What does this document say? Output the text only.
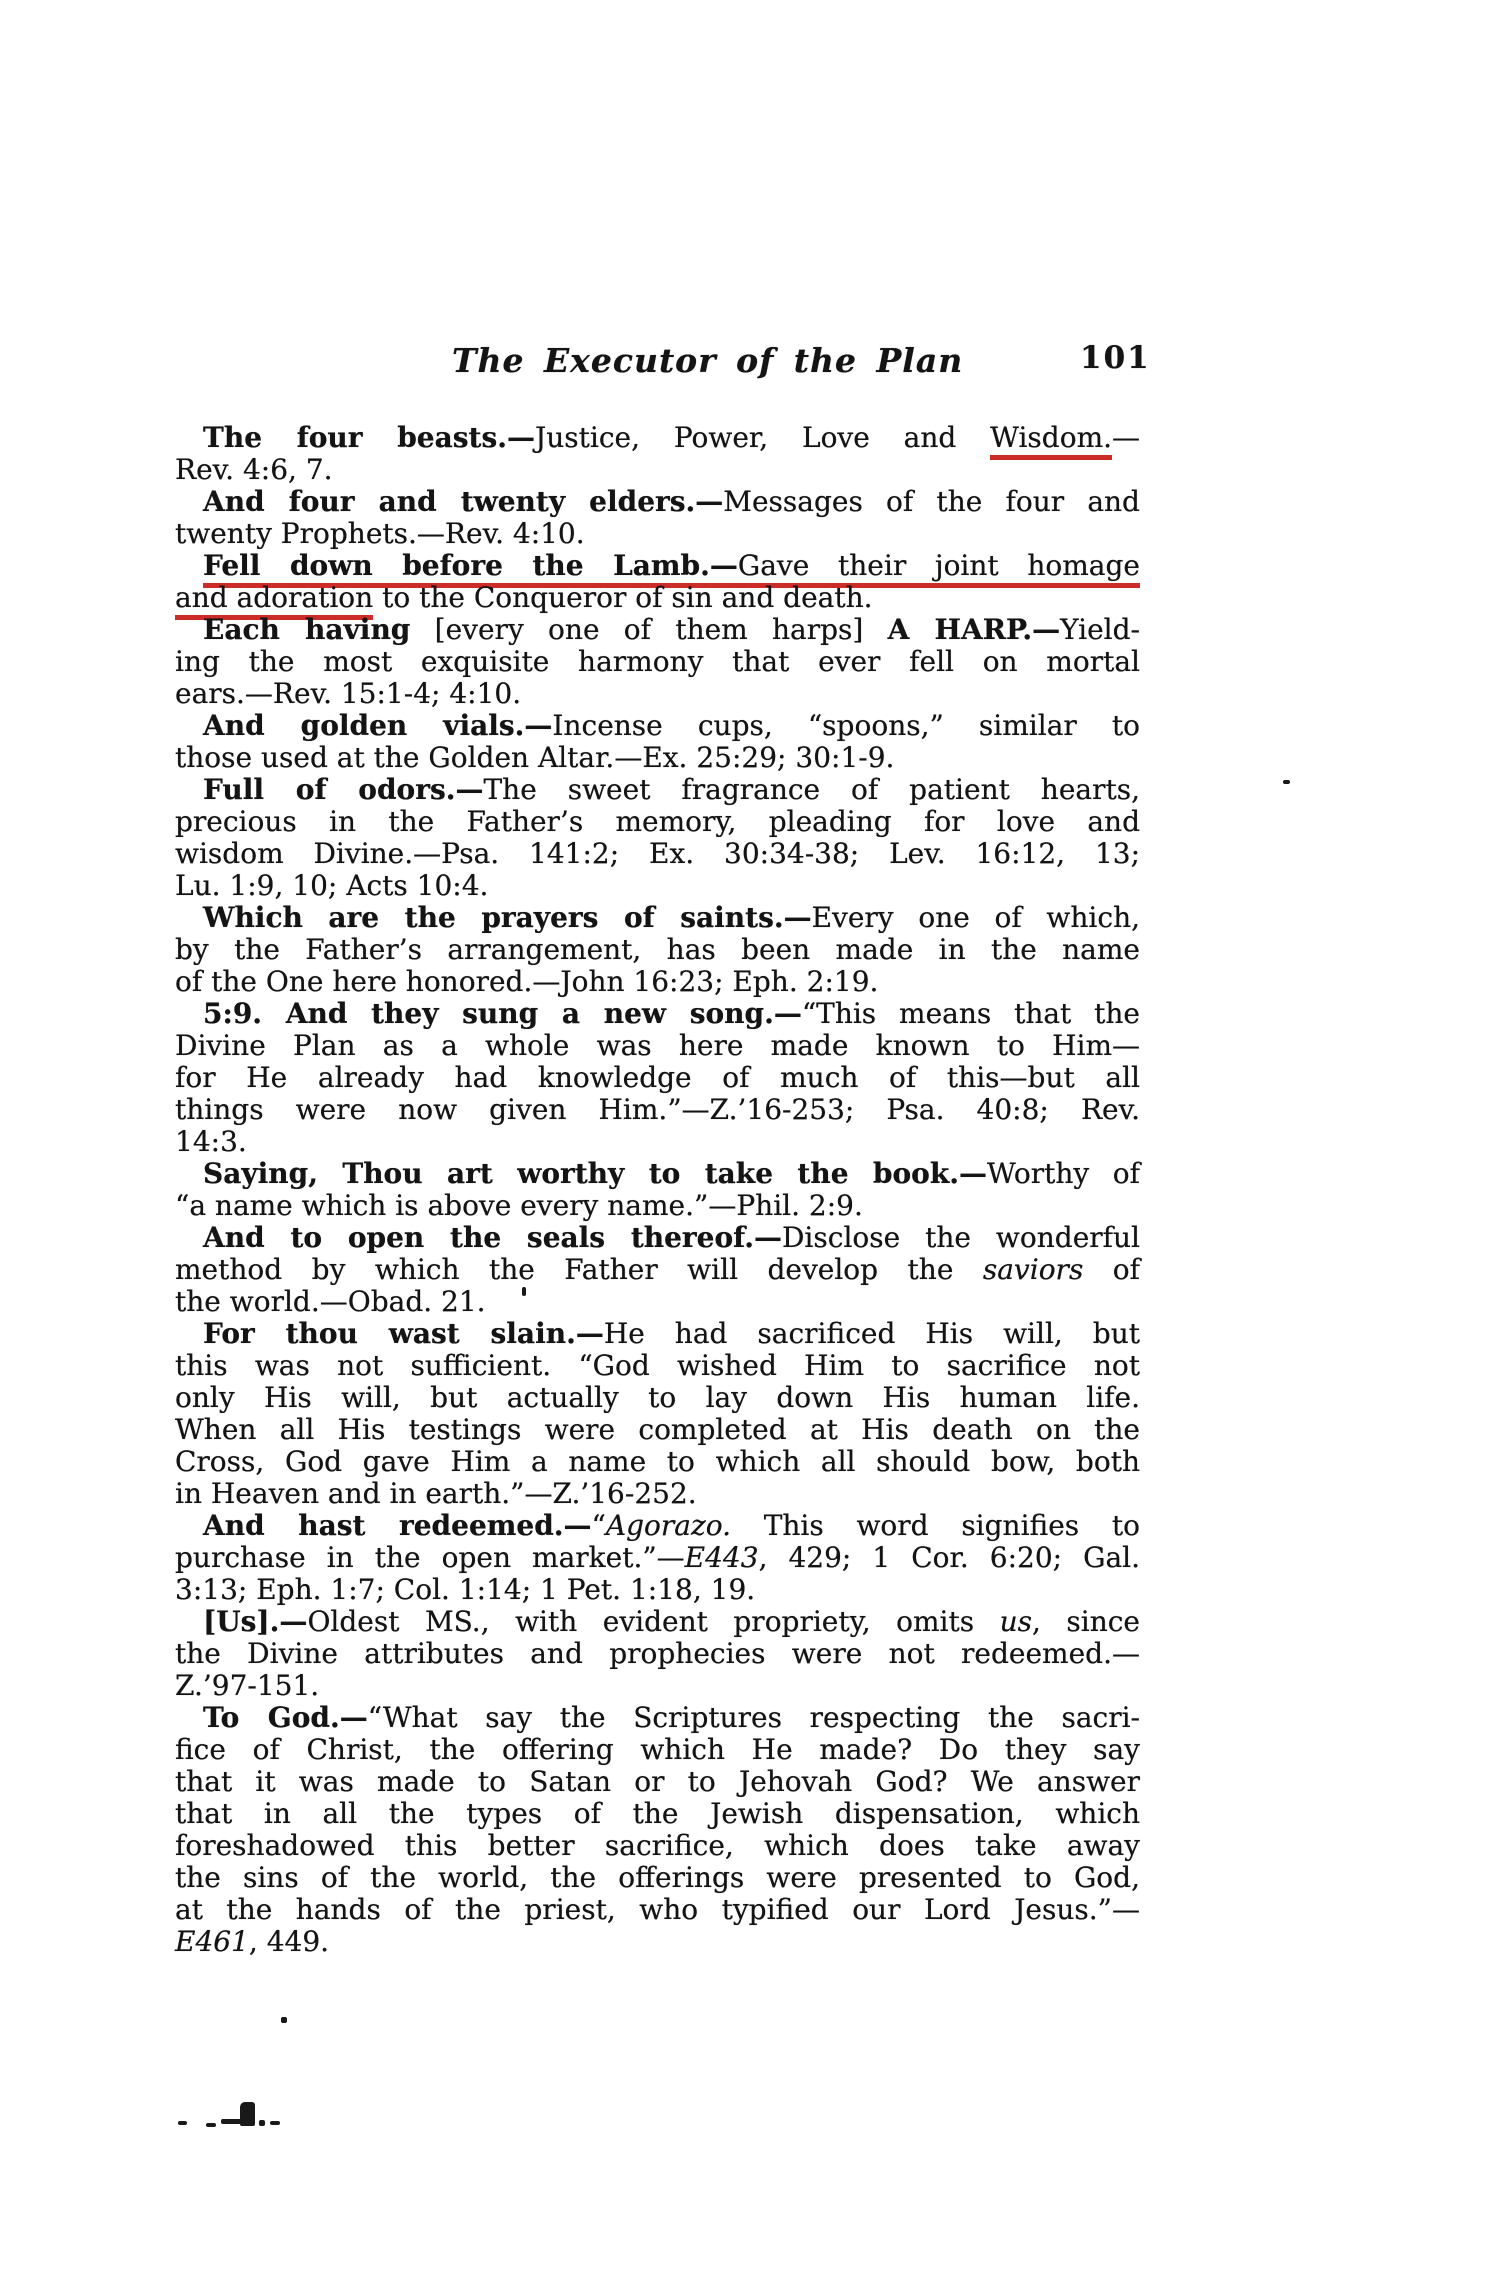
The Executor of the Plan	101
The four beasts.—Justice, Power, Love and Wisdom.—
Rev. 4:6, 7.
And four and twenty elders.—Messages of the four and
twenty Prophets.—Rev. 4:10.
Fell down before the Lamb.—Gave their joint homage
and adoration to the Conqueror of sin and death.
Each having [every one of them harps] A HARP.—Yield-
ing the most exquisite harmony that ever fell on mortal
ears.—Rev. 15:1-4; 4:10.
And golden vials.—Incense cups, “spoons,” similar to
those used at the Golden Altar.—Ex. 25:29; 30:1-9.
Full of odors.—The sweet fragrance of patient hearts,
precious in the Father’s memory, pleading for love and
wisdom Divine.—Psa. 141:2; Ex. 30:34-38; Lev. 16:12, 13;
Lu. 1:9, 10; Acts 10:4.
Which are the prayers of saints.—Every one of which,
by the Father’s arrangement, has been made in the name
of the One here honored.—John 16:23; Eph. 2:19.
5:9. And they sung a new song.—“This means that the
Divine Plan as a whole was here made known to Him—
for He already had knowledge of much of this—but all
things were now given Him.”—Z.’16-253; Psa. 40:8; Rev.
14:3.
Saying, Thou art worthy to take the book.—Worthy of
“a name which is above every name.”—Phil. 2:9.
And to open the seals thereof.—Disclose the wonderful
method by which the Father will develop the saviors of
the world.—Obad. 21.
For thou wast slain.—He had sacrificed His will, but
this was not sufficient. “God wished Him to sacrifice not
only His will, but actually to lay down His human life.
When all His testings were completed at His death on the
Cross, God gave Him a name to which all should bow, both
in Heaven and in earth.”—Z.’16-252.
And hast redeemed.—“Agorazo. This word signifies to
purchase in the open market.”—E443, 429; 1 Cor. 6:20; Gal.
3:13; Eph. 1:7; Col. 1:14; 1 Pet. 1:18, 19.
[Us].—Oldest MS., with evident propriety, omits us, since
the Divine attributes and prophecies were not redeemed.—
Z.’97-151.
To God.—“What say the Scriptures respecting the sacri-
fice of Christ, the offering which He made? Do they say
that it was made to Satan or to Jehovah God? We answer
that in all the types of the Jewish dispensation, which
foreshadowed this better sacrifice, which does take away
the sins of the world, the offerings were presented to God,
at the hands of the priest, who typified our Lord Jesus.”—
E461, 449.
